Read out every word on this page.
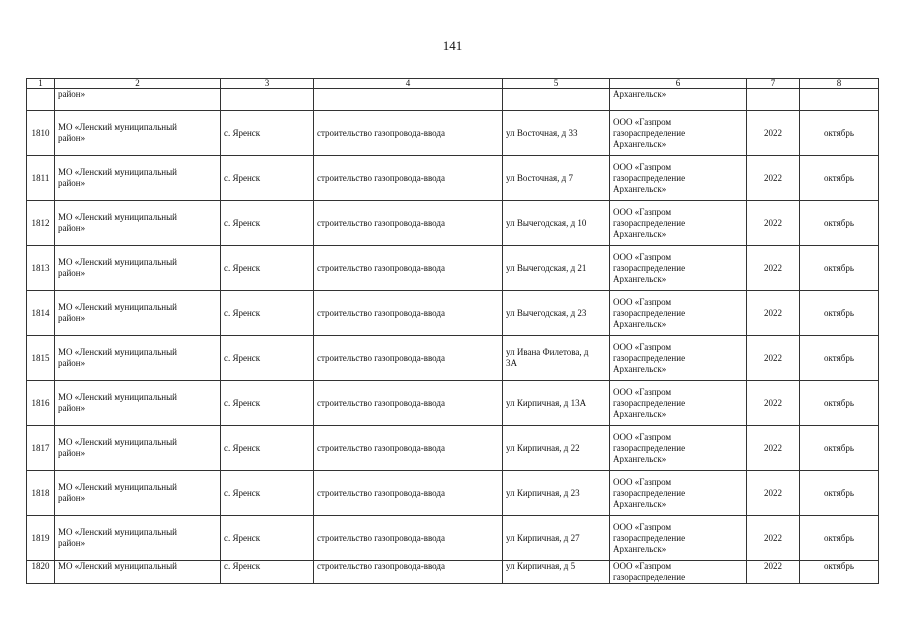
141
1	2	3	4	5	6	7	8
	район»				Архангельск»		
1810	МО «Ленский муниципальный
район»	с. Яренск	строительство газопровода-ввода	ул Восточная, д 33	ООО «Газпром
газораспределение
Архангельск»	2022	октябрь
1811	МО «Ленский муниципальный
район»	с. Яренск	строительство газопровода-ввода	ул Восточная, д 7	ООО «Газпром
газораспределение
Архангельск»	2022	октябрь
1812	МО «Ленский муниципальный
район»	с. Яренск	строительство газопровода-ввода	ул Вычегодская, д 10	ООО «Газпром
газораспределение
Архангельск»	2022	октябрь
1813	МО «Ленский муниципальный
район»	с. Яренск	строительство газопровода-ввода	ул Вычегодская, д 21	ООО «Газпром
газораспределение
Архангельск»	2022	октябрь
1814	МО «Ленский муниципальный
район»	с. Яренск	строительство газопровода-ввода	ул Вычегодская, д 23	ООО «Газпром
газораспределение
Архангельск»	2022	октябрь
1815	МО «Ленский муниципальный
район»	с. Яренск	строительство газопровода-ввода	ул Ивана Филетова, д
3А	ООО «Газпром
газораспределение
Архангельск»	2022	октябрь
1816	МО «Ленский муниципальный
район»	с. Яренск	строительство газопровода-ввода	ул Кирпичная, д 13А	ООО «Газпром
газораспределение
Архангельск»	2022	октябрь
1817	МО «Ленский муниципальный
район»	с. Яренск	строительство газопровода-ввода	ул Кирпичная, д 22	ООО «Газпром
газораспределение
Архангельск»	2022	октябрь
1818	МО «Ленский муниципальный
район»	с. Яренск	строительство газопровода-ввода	ул Кирпичная, д 23	ООО «Газпром
газораспределение
Архангельск»	2022	октябрь
1819	МО «Ленский муниципальный
район»	с. Яренск	строительство газопровода-ввода	ул Кирпичная, д 27	ООО «Газпром
газораспределение
Архангельск»	2022	октябрь
1820	МО «Ленский муниципальный	с. Яренск	строительство газопровода-ввода	ул Кирпичная, д 5	ООО «Газпром
газораспределение	2022	октябрь
